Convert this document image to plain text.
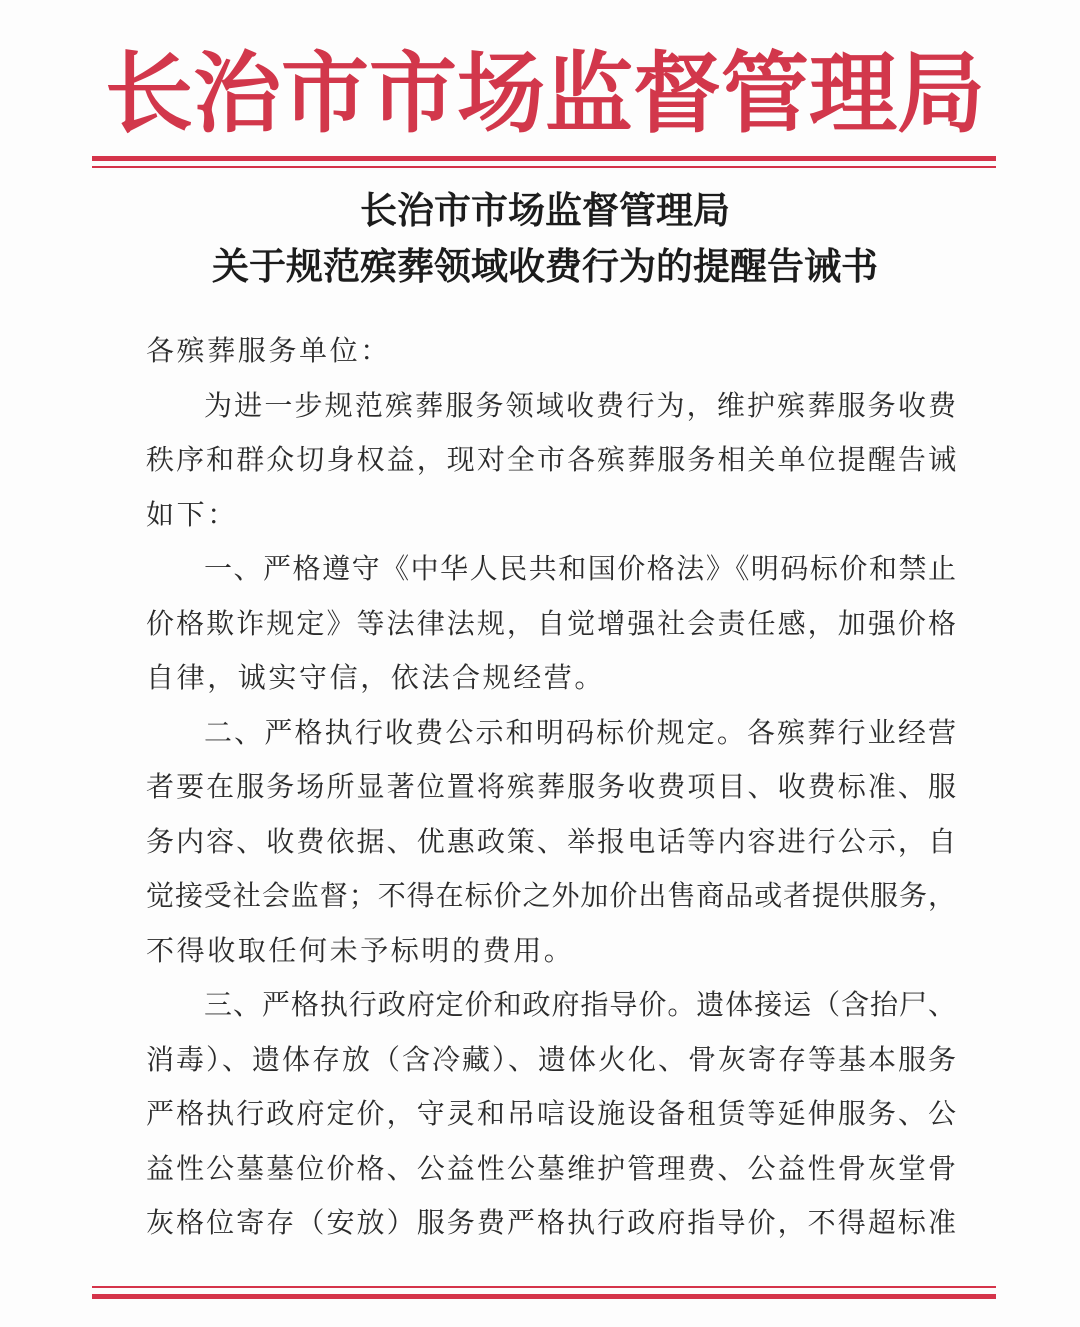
长治市市场监督管理局
长治市市场监督管理局
关于规范殡葬领域收费行为的提醒告诫书
各殡葬服务单位：
为进一步规范殡葬服务领域收费行为，维护殡葬服务收费
秩序和群众切身权益，现对全市各殡葬服务相关单位提醒告诫
如下：
一、严格遵守《中华人民共和国价格法》《明码标价和禁止
价格欺诈规定》等法律法规，自觉增强社会责任感，加强价格
自律，诚实守信，依法合规经营。
二、严格执行收费公示和明码标价规定。各殡葬行业经营
者要在服务场所显著位置将殡葬服务收费项目、收费标准、服
务内容、收费依据、优惠政策、举报电话等内容进行公示，自
觉接受社会监督；不得在标价之外加价出售商品或者提供服务，
不得收取任何未予标明的费用。
三、严格执行政府定价和政府指导价。遗体接运（含抬尸、
消毒）、遗体存放（含冷藏）、遗体火化、骨灰寄存等基本服务
严格执行政府定价，守灵和吊唁设施设备租赁等延伸服务、公
益性公墓墓位价格、公益性公墓维护管理费、公益性骨灰堂骨
灰格位寄存（安放）服务费严格执行政府指导价，不得超标准
